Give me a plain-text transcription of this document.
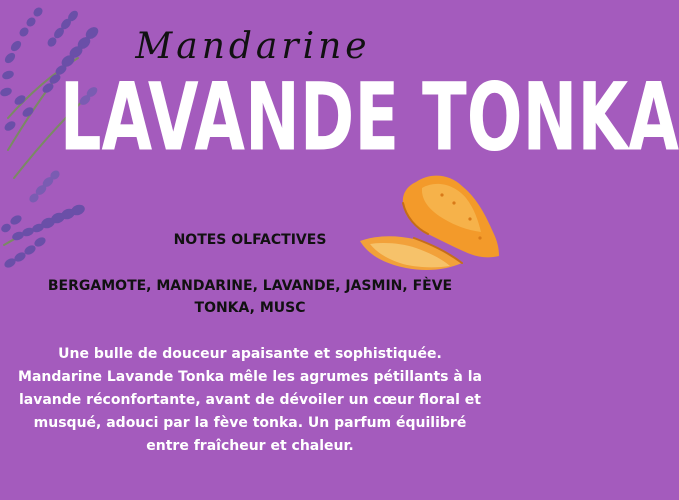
Mandarine
LAVANDE TONKA
NOTES OLFACTIVES
BERGAMOTE, MANDARINE, LAVANDE, JASMIN, FÈVE TONKA, MUSC
Une bulle de douceur apaisante et sophistiquée. Mandarine Lavande Tonka mêle les agrumes pétillants à la lavande réconfortante, avant de dévoiler un cœur floral et musqué, adouci par la fève tonka. Un parfum équilibré entre fraîcheur et chaleur.
